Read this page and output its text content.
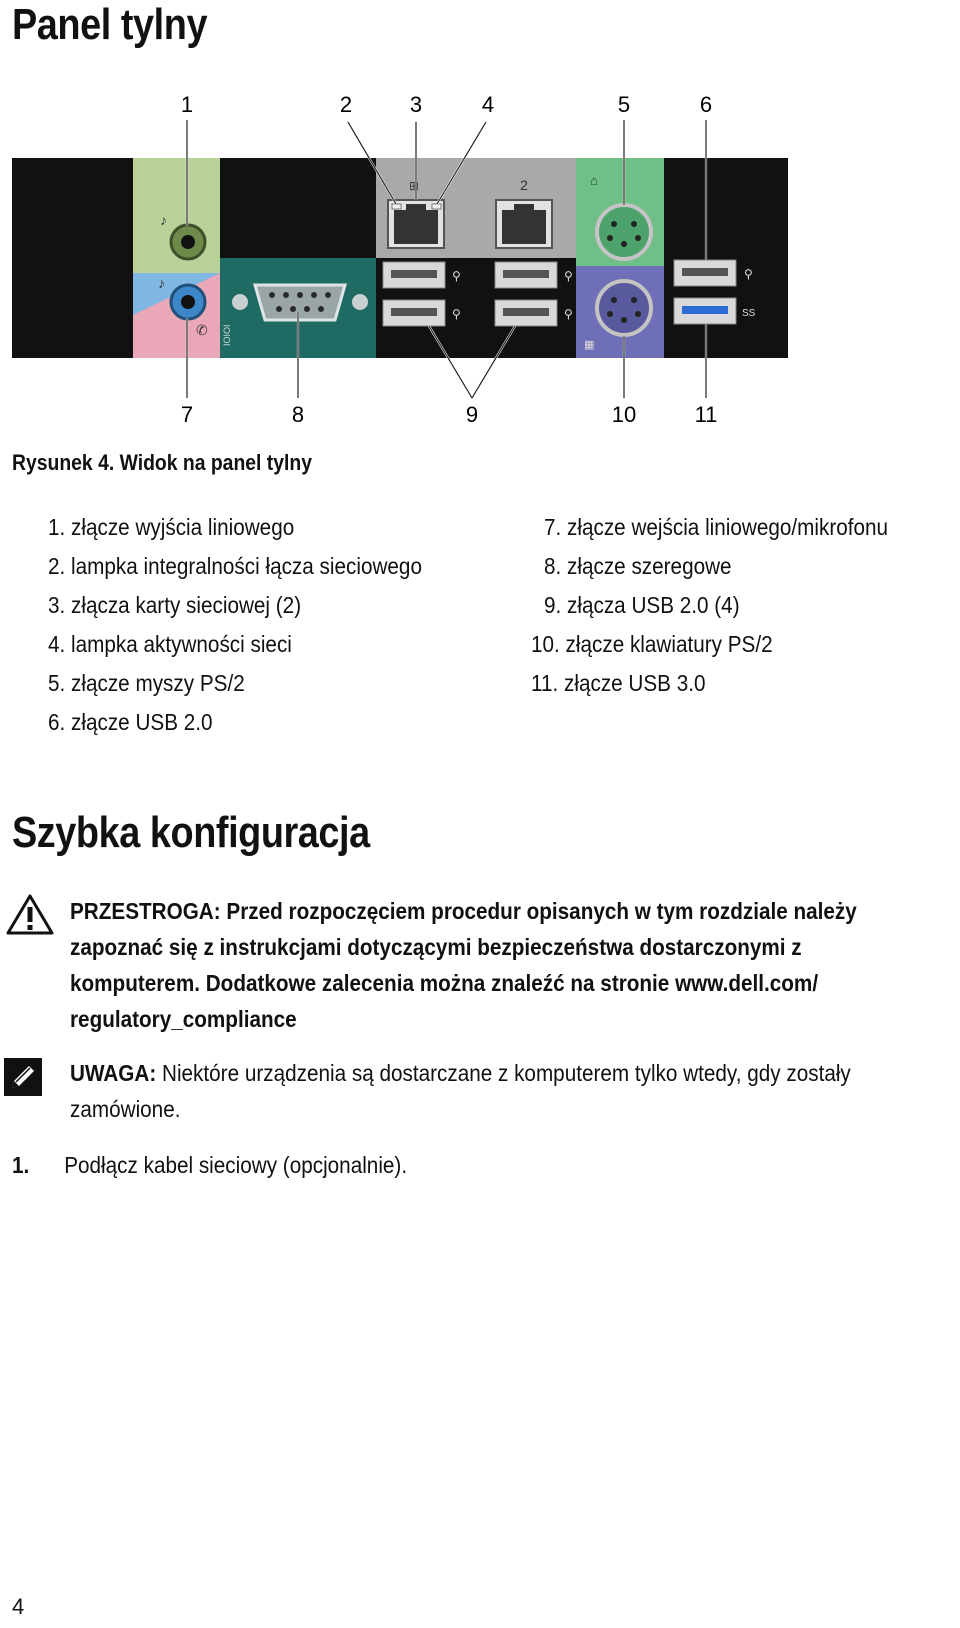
Panel tylny
1	2	3	4	5	6
♪
♪
✆ IOIOI
2
⊞
⚲
⚲
⚲
⚲
⌂
▦
⚲
SS
7	8	9	10	11
Rysunek 4. Widok na panel tylny
1. złącze wyjścia liniowego
2. lampka integralności łącza sieciowego
3. złącza karty sieciowej (2)
4. lampka aktywności sieci
5. złącze myszy PS/2
6. złącze USB 2.0
7. złącze wejścia liniowego/mikrofonu
8. złącze szeregowe
9. złącza USB 2.0 (4)
10. złącze klawiatury PS/2
11. złącze USB 3.0
Szybka konfiguracja
PRZESTROGA: Przed rozpoczęciem procedur opisanych w tym rozdziale należy
zapoznać się z instrukcjami dotyczącymi bezpieczeństwa dostarczonymi z
komputerem. Dodatkowe zalecenia można znaleźć na stronie www.dell.com/
regulatory_compliance
UWAGA: Niektóre urządzenia są dostarczane z komputerem tylko wtedy, gdy zostały
zamówione.
1. Podłącz kabel sieciowy (opcjonalnie).
4
